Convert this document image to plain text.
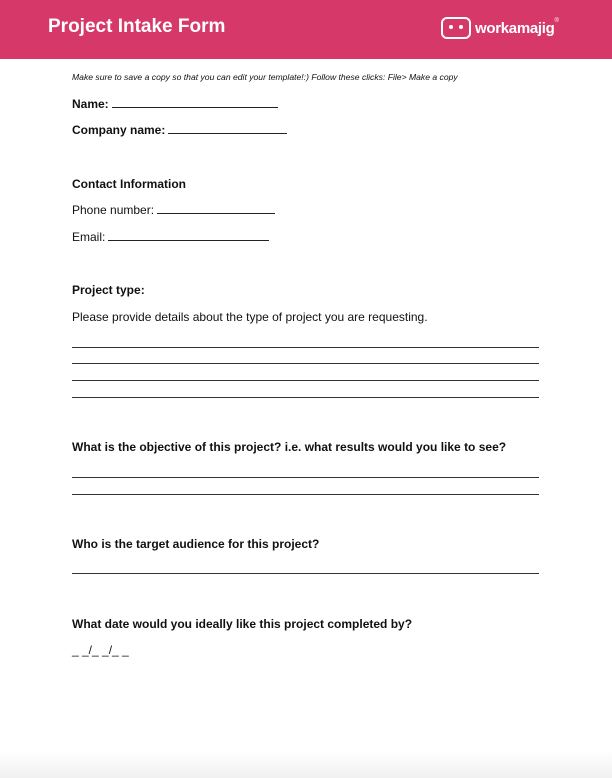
Project Intake Form	workamajig®
Make sure to save a copy so that you can edit your template!:) Follow these clicks: File> Make a copy
Name:
Company name:
Contact Information
Phone number:
Email:
Project type:
Please provide details about the type of project you are requesting.
What is the objective of this project? i.e. what results would you like to see?
Who is the target audience for this project?
What date would you ideally like this project completed by?
_ _/_ _/_ _
